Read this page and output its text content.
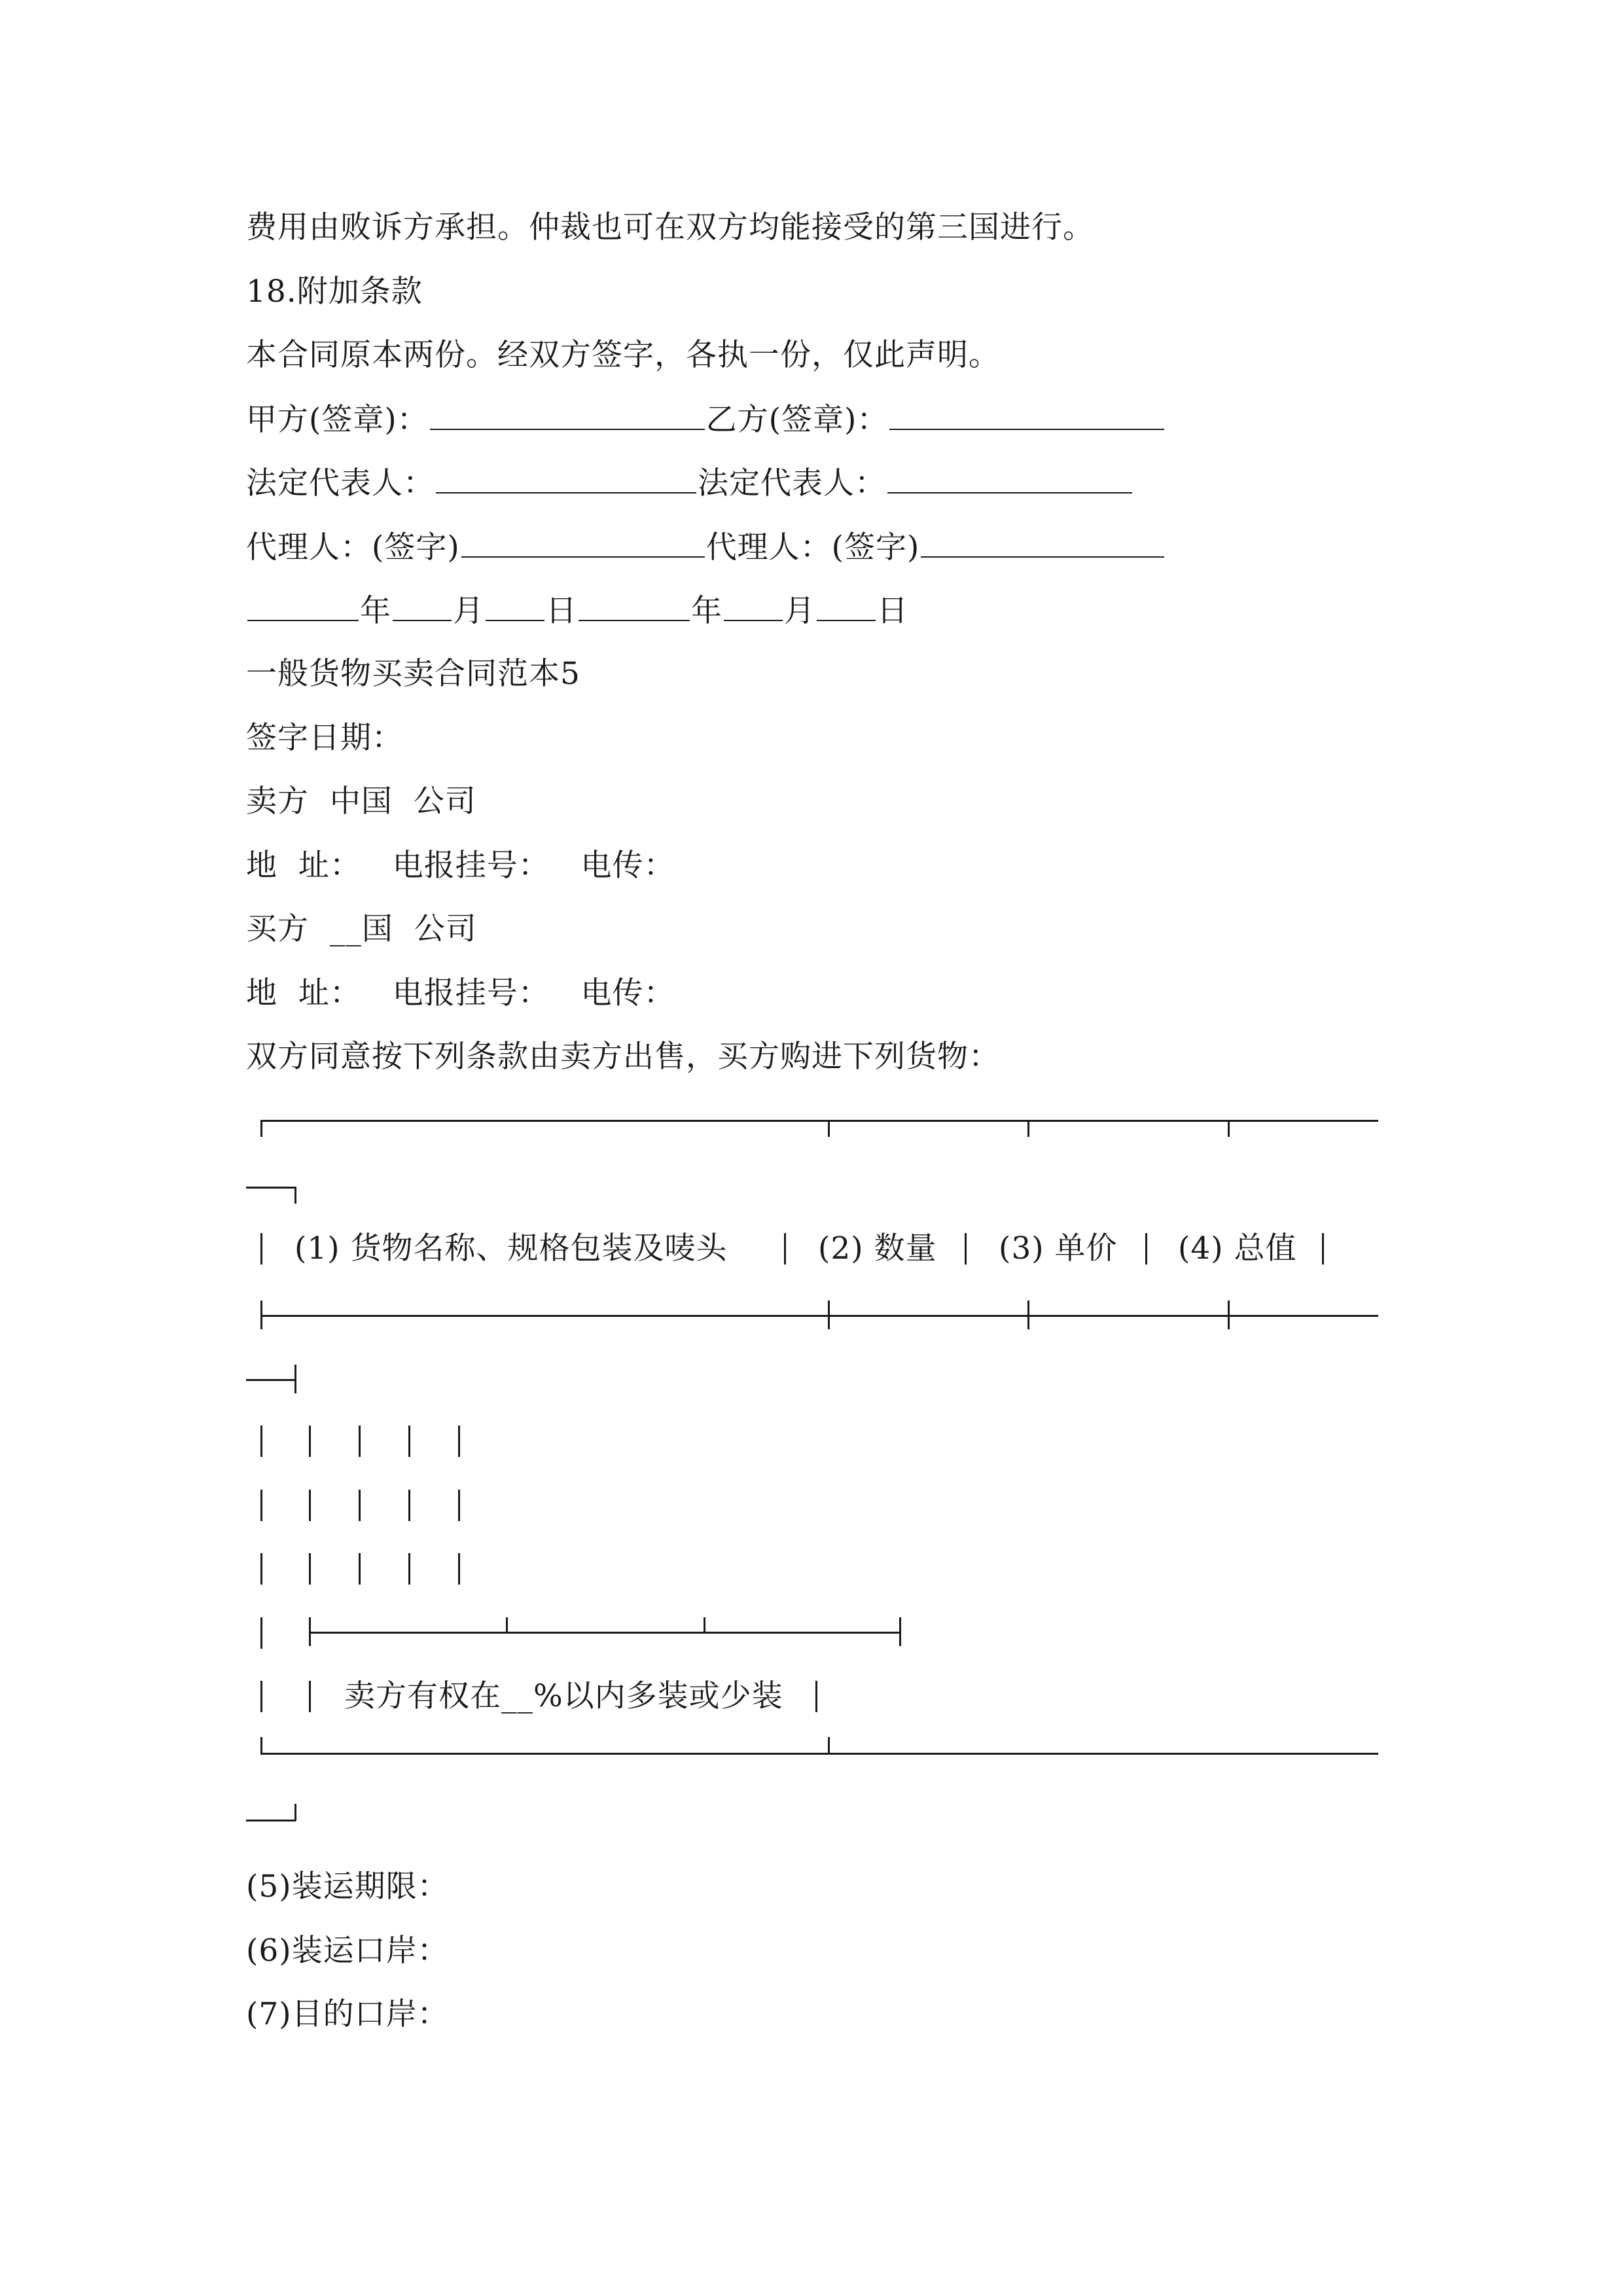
费用由败诉方承担。仲裁也可在双方均能接受的第三国进行。
18.附加条款
本合同原本两份。经双方签字，各执一份，仅此声明。
甲方(签章)：	乙方(签章)：
法定代表人：	法定代表人：
代理人：(签字)	代理人：(签字)
年 月 日	年 月 日
一般货物买卖合同范本5
签字日期：
卖方  中国  公司
地  址：   电报挂号：   电传：
买方  __国  公司
地  址：   电报挂号：   电传：
双方同意按下列条款由卖方出售，买方购进下列货物：
(1) 货物名称、规格包装及唛头	(2) 数量 (3) 单价 (4) 总值
卖方有权在__%以内多装或少装
(5)装运期限：
(6)装运口岸：
(7)目的口岸：
